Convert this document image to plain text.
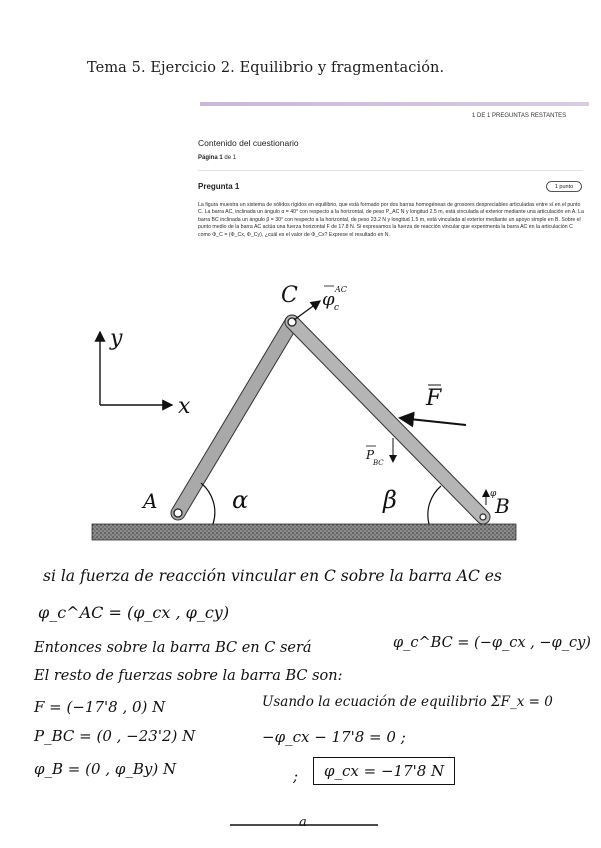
Tema 5. Ejercicio 2. Equilibrio y fragmentación.
1 DE 1 PREGUNTAS RESTANTES
Contenido del cuestionario
Página 1 de 1
Pregunta 1	1 punto
La figura muestra un sistema de sólidos rígidos en equilibrio, que está formado por dos barras homogéneas de grosores despreciables articuladas entre sí en el punto C. La barra AC, inclinada un ángulo α = 40° con respecto a la horizontal, de peso P_AC N y longitud 2.5 m, está vinculada al exterior mediante una articulación en A. La barra BC inclinada un ángulo β = 30° con respecto a la horizontal, de peso 23.2 N y longitud 1.5 m, está vinculada al exterior mediante un apoyo simple en B. Sobre el punto medio de la barra AC actúa una fuerza horizontal F de 17.8 N. Si expresamos la fuerza de reacción vincular que experimenta la barra AC en la articulación C como Φ_C = (Φ_Cx, Φ_Cy), ¿cuál es el valor de Φ_Cx? Exprese el resultado en N.
y
x
C
A	B
α	β
φ c
AC
F
P
BC
φ
si la fuerza de reacción vincular en C sobre la barra AC es
φ_c^AC = (φ_cx , φ_cy)
Entonces sobre la barra BC en C será	φ_c^BC = (−φ_cx , −φ_cy)
El resto de fuerzas sobre la barra BC son:
F = (−17'8 , 0) N
P_BC = (0 , −23'2) N
φ_B = (0 , φ_By) N
Usando la ecuación de equilibrio ΣF_x = 0
−φ_cx − 17'8 = 0 ;
;	φ_cx = −17'8 N
a
